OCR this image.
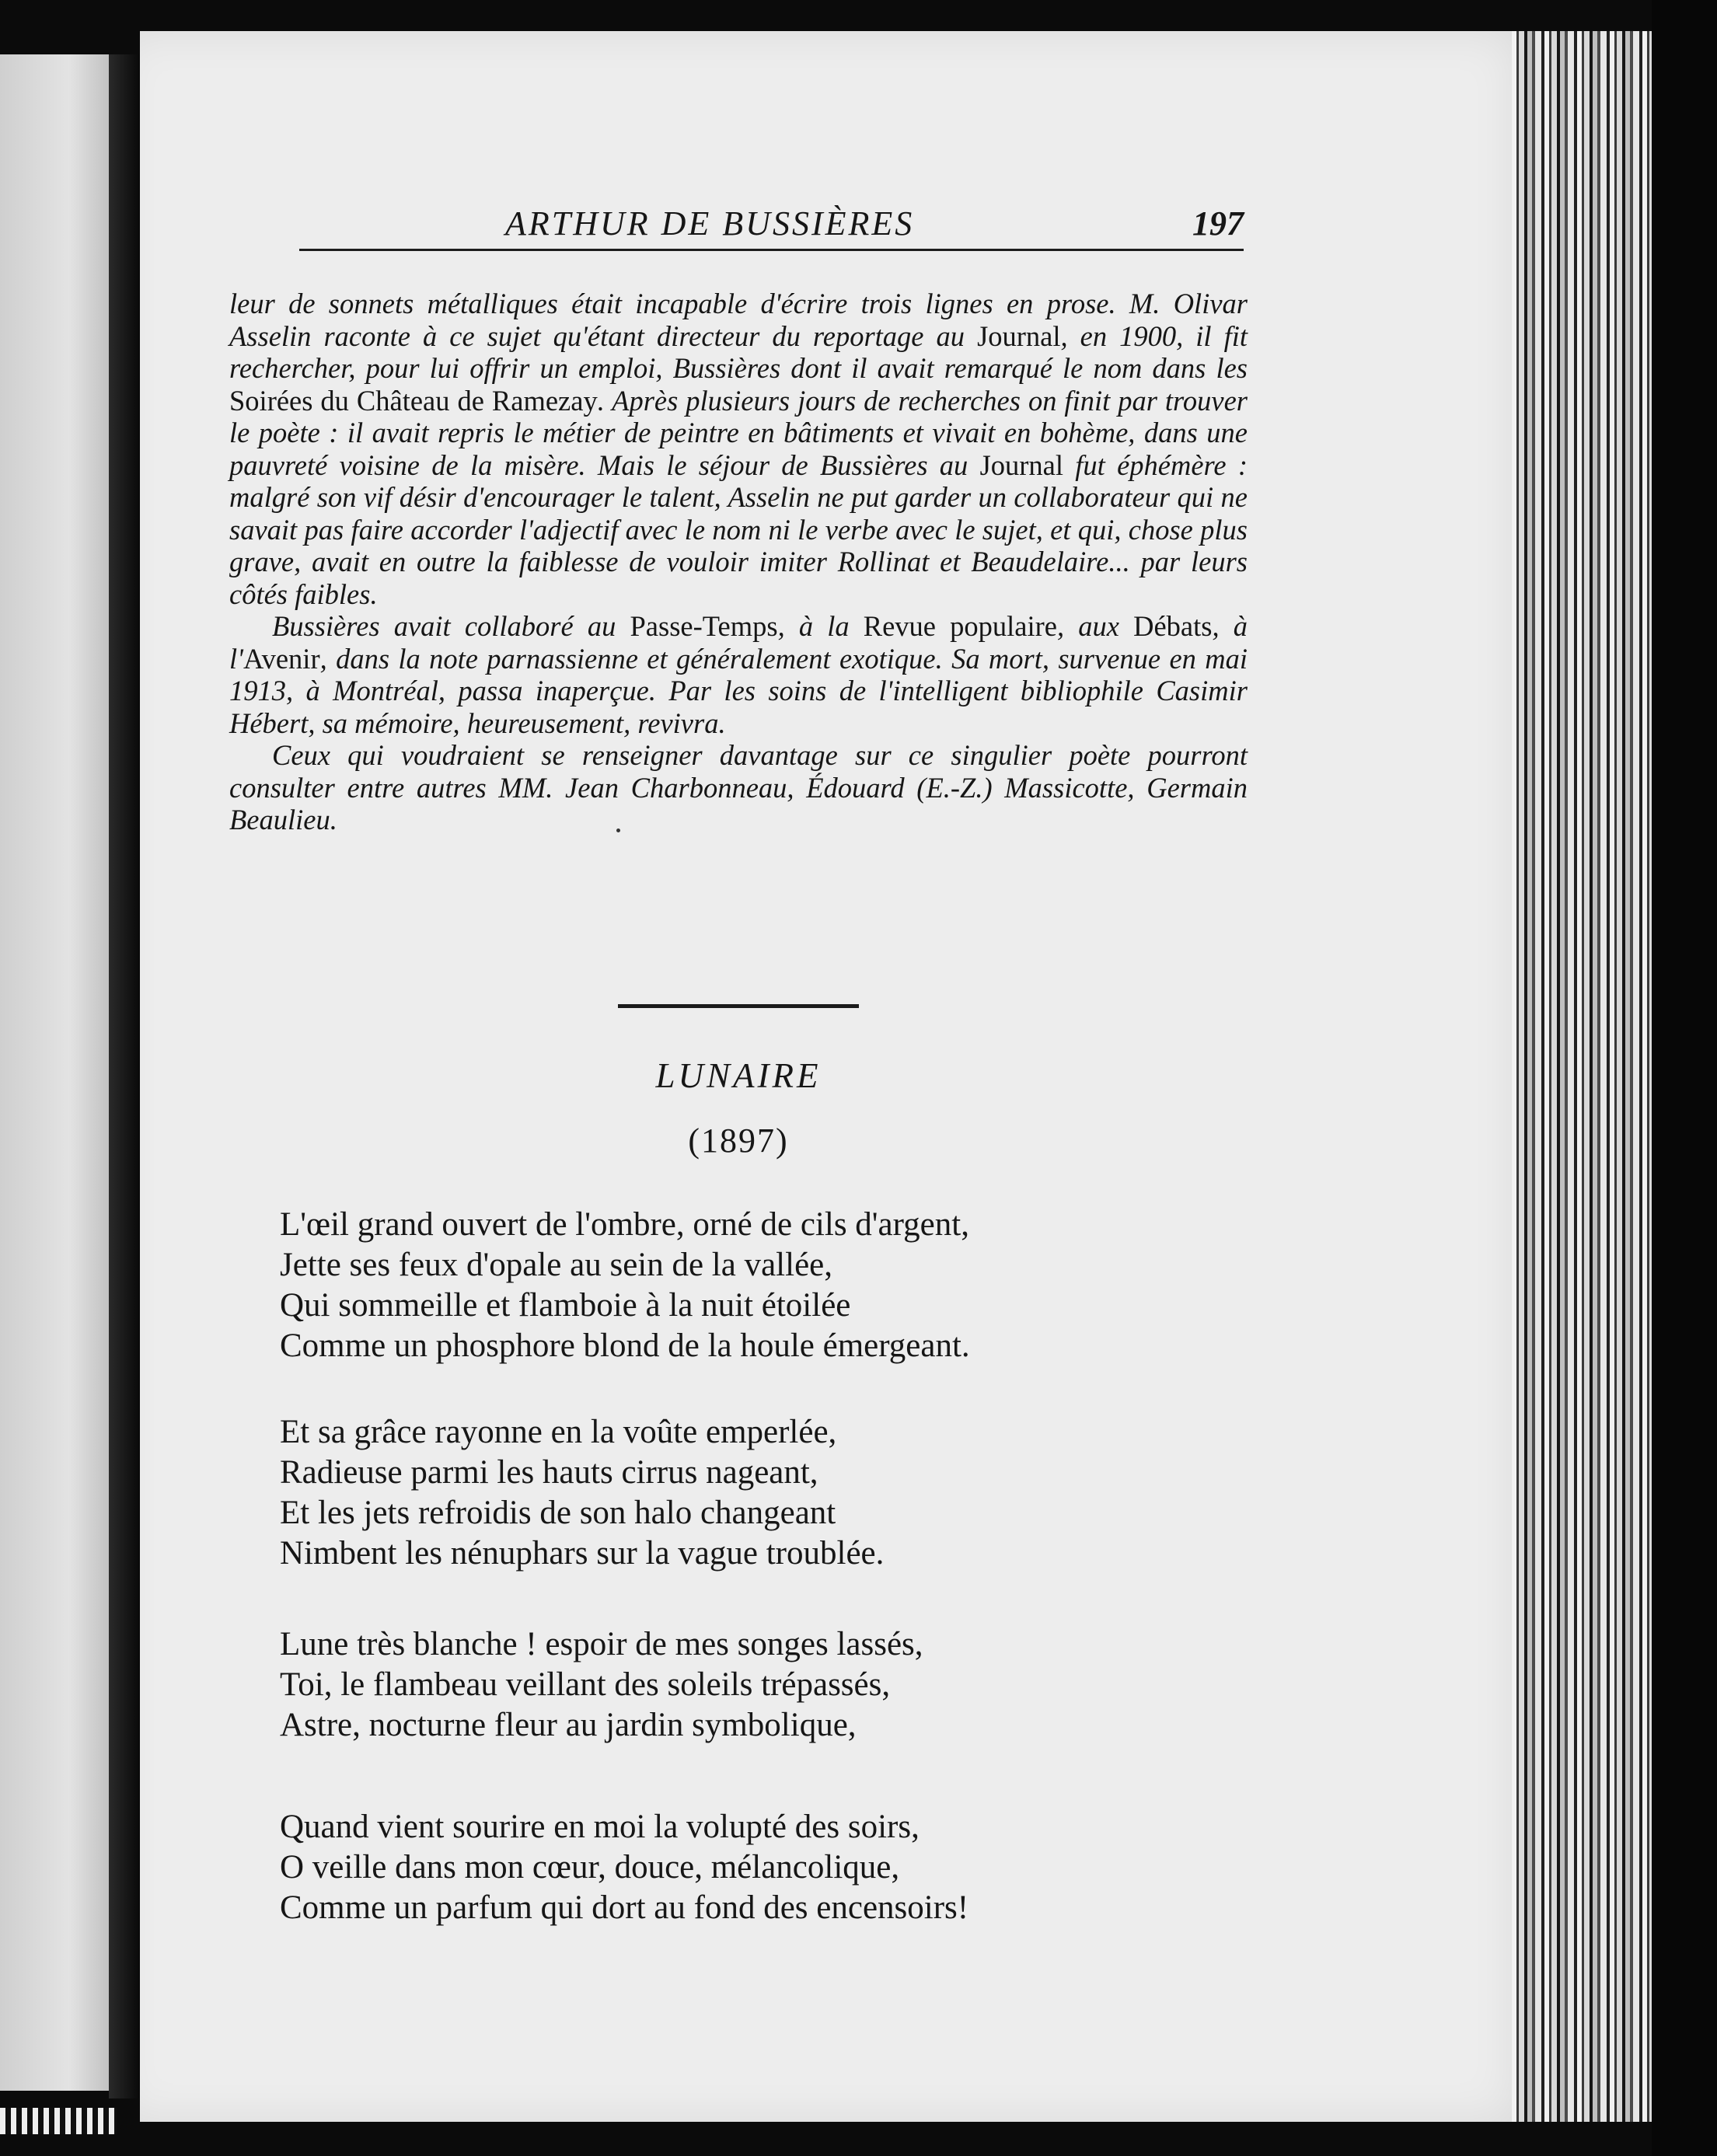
ARTHUR DE BUSSIÈRES	197

leur de sonnets métalliques était incapable d'écrire trois lignes en prose. M. Olivar Asselin raconte à ce sujet qu'étant directeur du reportage au Journal, en 1900, il fit rechercher, pour lui offrir un emploi, Bussières dont il avait remarqué le nom dans les Soirées du Château de Ramezay. Après plusieurs jours de recherches on finit par trouver le poète : il avait repris le métier de peintre en bâtiments et vivait en bohème, dans une pauvreté voisine de la misère. Mais le séjour de Bussières au Journal fut éphémère : malgré son vif désir d'encourager le talent, Asselin ne put garder un collaborateur qui ne savait pas faire accorder l'adjectif avec le nom ni le verbe avec le sujet, et qui, chose plus grave, avait en outre la faiblesse de vouloir imiter Rollinat et Beaudelaire... par leurs côtés faibles.

Bussières avait collaboré au Passe-Temps, à la Revue populaire, aux Débats, à l'Avenir, dans la note parnassienne et généralement exotique. Sa mort, survenue en mai 1913, à Montréal, passa inaperçue. Par les soins de l'intelligent bibliophile Casimir Hébert, sa mémoire, heureusement, revivra.

Ceux qui voudraient se renseigner davantage sur ce singulier poète pourront consulter entre autres MM. Jean Charbonneau, Édouard (E.-Z.) Massicotte, Germain Beaulieu.

LUNAIRE
(1897)
L'œil grand ouvert de l'ombre, orné de cils d'argent,
Jette ses feux d'opale au sein de la vallée,
Qui sommeille et flamboie à la nuit étoilée
Comme un phosphore blond de la houle émergeant.
Et sa grâce rayonne en la voûte emperlée,
Radieuse parmi les hauts cirrus nageant,
Et les jets refroidis de son halo changeant
Nimbent les nénuphars sur la vague troublée.
Lune très blanche ! espoir de mes songes lassés,
Toi, le flambeau veillant des soleils trépassés,
Astre, nocturne fleur au jardin symbolique,
Quand vient sourire en moi la volupté des soirs,
O veille dans mon cœur, douce, mélancolique,
Comme un parfum qui dort au fond des encensoirs!
